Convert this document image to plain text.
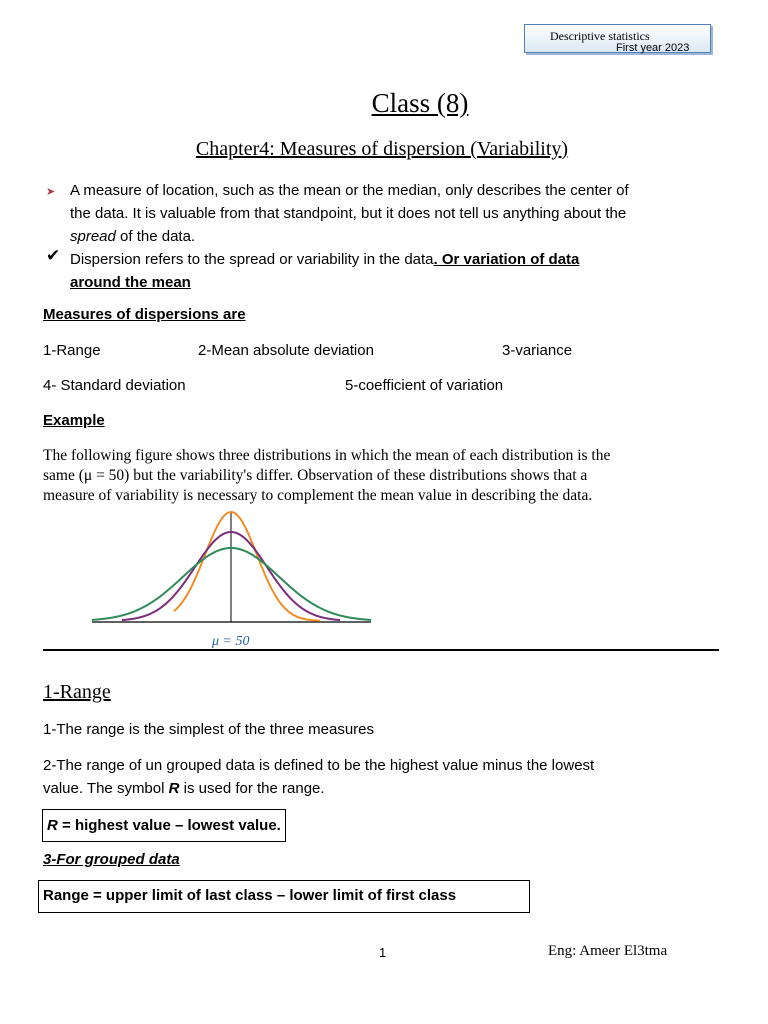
Descriptive statistics
First year 2023
Class (8)
Chapter4: Measures of dispersion (Variability)
➤ A measure of location, such as the mean or the median, only describes the center of
the data. It is valuable from that standpoint, but it does not tell us anything about the
spread of the data.
✔ Dispersion refers to the spread or variability in the data. Or variation of data
around the mean
Measures of dispersions are
1-Range	2-Mean absolute deviation	3-variance
4- Standard deviation	5-coefficient of variation
Example
The following figure shows three distributions in which the mean of each distribution is the
same (μ = 50) but the variability's differ. Observation of these distributions shows that a
measure of variability is necessary to complement the mean value in describing the data.
μ = 50
1-Range
1-The range is the simplest of the three measures
2-The range of un grouped data is defined to be the highest value minus the lowest
value. The symbol R is used for the range.
R = highest value – lowest value.
3-For grouped data
Range = upper limit of last class – lower limit of first class
1	Eng: Ameer El3tma
